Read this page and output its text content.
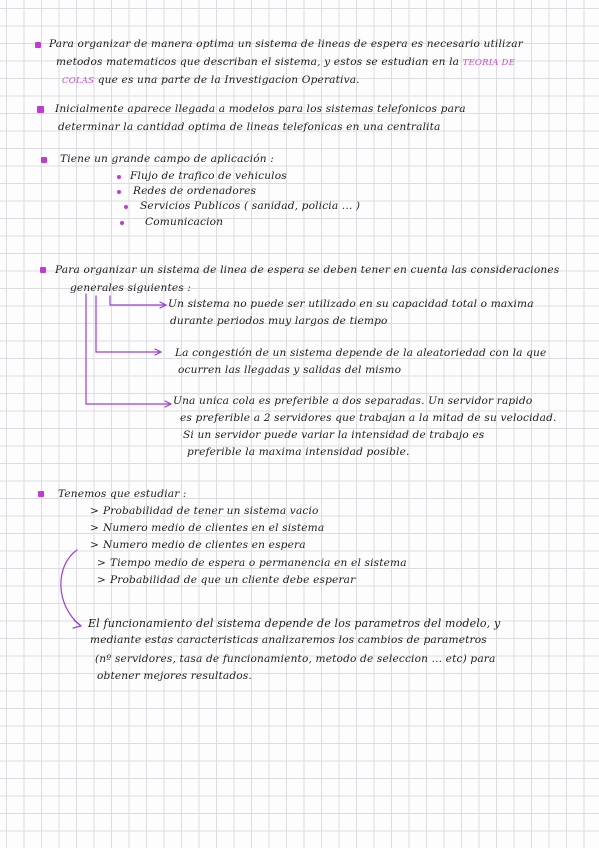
Para organizar de manera optima un sistema de lineas de espera es necesario utilizar
metodos matematicos que describan el sistema, y estos se estudian en la TEORIA DE
COLAS que es una parte de la Investigacion Operativa.
Inicialmente aparece llegada a modelos para los sistemas telefonicos para
determinar la cantidad optima de lineas telefonicas en una centralita
Tiene un grande campo de aplicación :
Flujo de trafico de vehiculos
Redes de ordenadores
Servicios Publicos ( sanidad, policia ... )
Comunicacion
Para organizar un sistema de linea de espera se deben tener en cuenta las consideraciones
generales siguientes :
Un sistema no puede ser utilizado en su capacidad total o maxima
durante periodos muy largos de tiempo
La congestión de un sistema depende de la aleatoriedad con la que
ocurren las llegadas y salidas del mismo
Una unica cola es preferible a dos separadas. Un servidor rapido
es preferible a 2 servidores que trabajan a la mitad de su velocidad.
Si un servidor puede variar la intensidad de trabajo es
preferible la maxima intensidad posible.
Tenemos que estudiar :
> Probabilidad de tener un sistema vacio
> Numero medio de clientes en el sistema
> Numero medio de clientes en espera
> Tiempo medio de espera o permanencia en el sistema
> Probabilidad de que un cliente debe esperar
El funcionamiento del sistema depende de los parametros del modelo, y
mediante estas caracteristicas analizaremos los cambios de parametros
(nº servidores, tasa de funcionamiento, metodo de seleccion ... etc) para
obtener mejores resultados.
